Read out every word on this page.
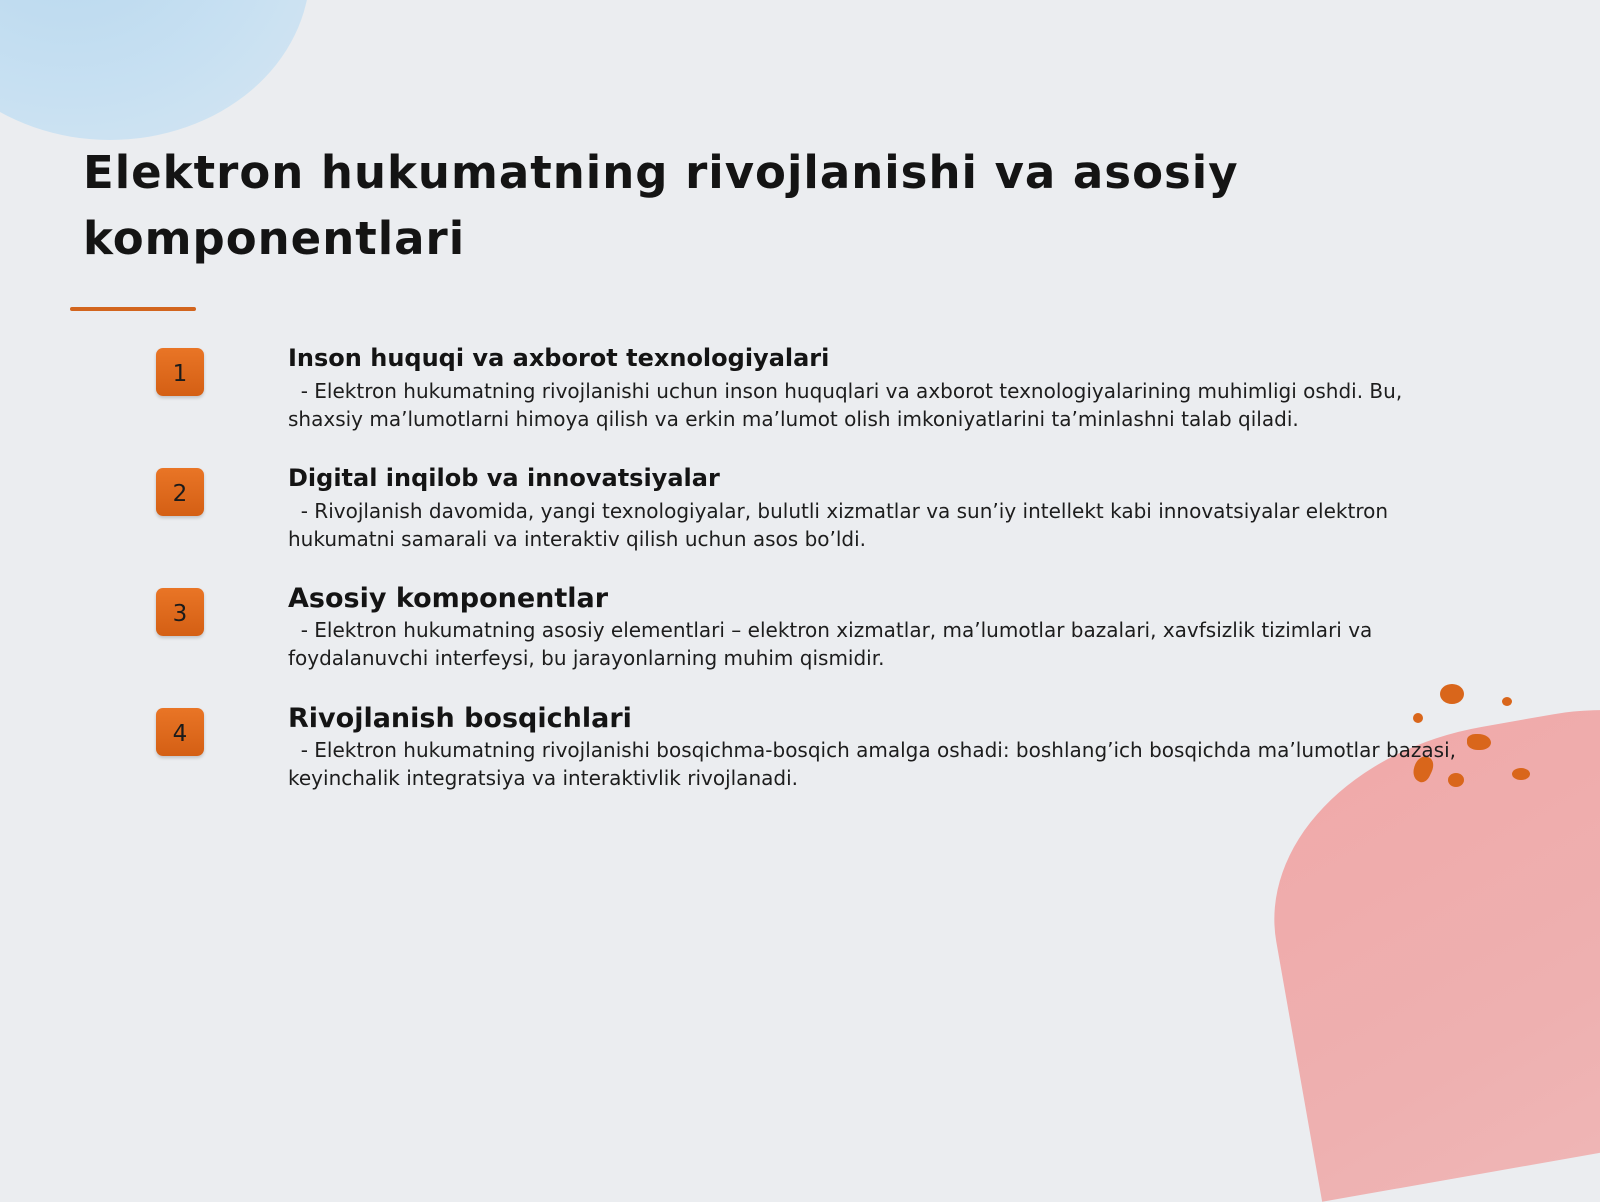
Elektron hukumatning rivojlanishi va asosiy komponentlari
1

Inson huquqi va axborot texnologiyalari

- Elektron hukumatning rivojlanishi uchun inson huquqlari va axborot texnologiyalarining muhimligi oshdi. Bu, shaxsiy ma’lumotlarni himoya qilish va erkin ma’lumot olish imkoniyatlarini ta’minlashni talab qiladi.

2

Digital inqilob va innovatsiyalar

- Rivojlanish davomida, yangi texnologiyalar, bulutli xizmatlar va sun’iy intellekt kabi innovatsiyalar elektron hukumatni samarali va interaktiv qilish uchun asos bo’ldi.

3	Asosiy komponentlar

- Elektron hukumatning asosiy elementlari – elektron xizmatlar, ma’lumotlar bazalari, xavfsizlik tizimlari va foydalanuvchi interfeysi, bu jarayonlarning muhim qismidir.

4	Rivojlanish bosqichlari

- Elektron hukumatning rivojlanishi bosqichma-bosqich amalga oshadi: boshlang’ich bosqichda ma’lumotlar bazasi, keyinchalik integratsiya va interaktivlik rivojlanadi.
